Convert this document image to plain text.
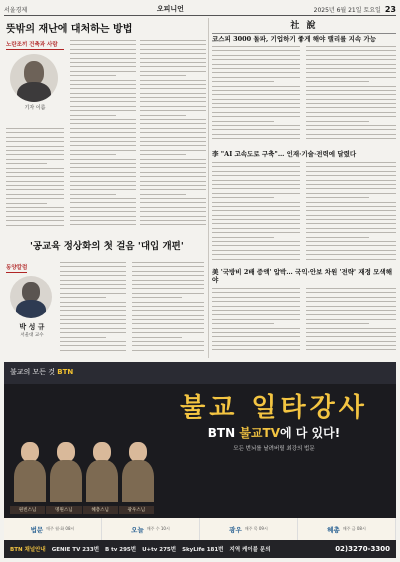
서울경제	오피니언	2025년 6월 21일 토요일 23
뜻밖의 재난에 대처하는 방법
노란조끼 건축과 사람
기자 이름
'공교육 정상화의 첫 걸음 '대입 개편'
동양칼럼
박 성 규
서울대 교수
社 說
코스피 3000 돌파, 기업하기 좋게 해야 랠리를 지속 가능
李 "AI 고속도로 구축"… 인재·기술·전력에 달렸다
美 '국방비 2배 증액' 압박… 국익·안보 차원 '전략' 재정 모색해야
불교의 모든 것 BTN
불교 일타강사
BTN 불교TV에 다 있다!
모든 번뇌를 날려버릴 최강의 법문
원빈스님	명원스님	혜총스님	광우스님
법문 매주 월·화 08시	오늘 매주 수 10시	광우 매주 목 09시	혜총 매주 금 08시
BTN 채널안내 GENIE TV 233번 B tv 295번 U+tv 275번 SkyLife 181번 지역 케이블 문의	02)3270-3300
